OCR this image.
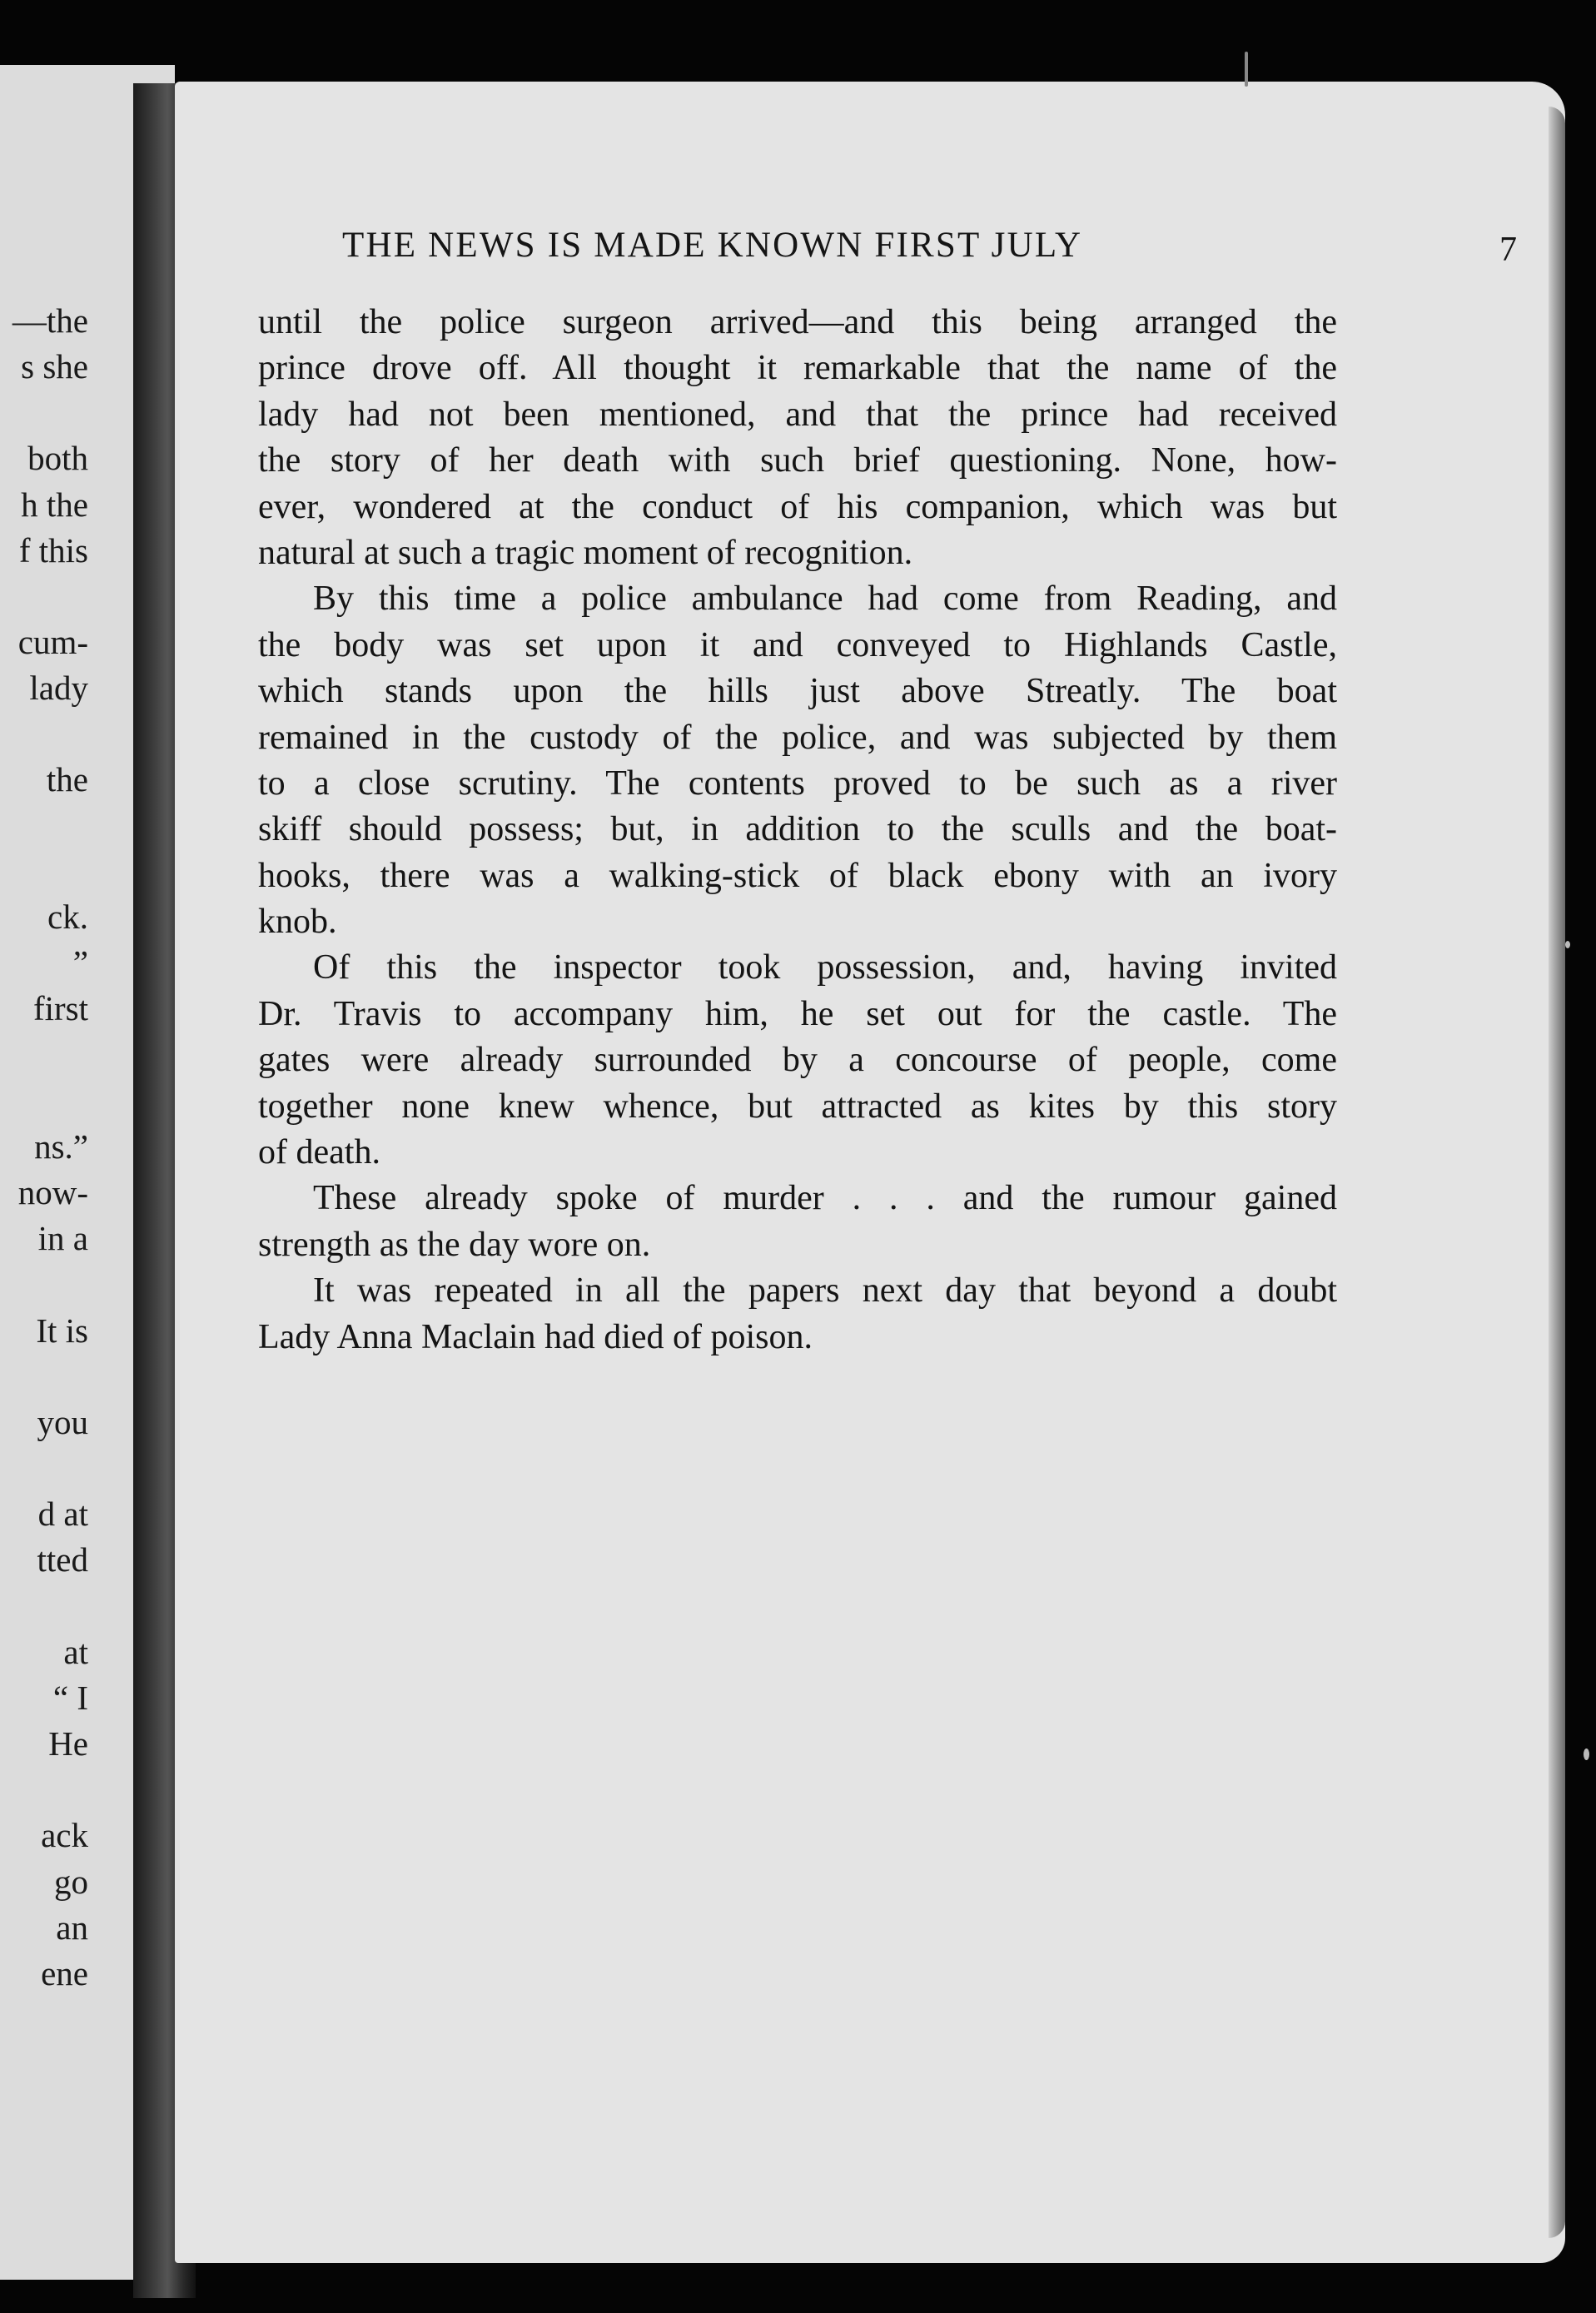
—the
s she
both
h the
f this
cum-
lady
the
ck.
”
first
ns.”
now-
in a
It is
you
d at
tted
at
“ I
He
ack
go
an
ene
THE NEWS IS MADE KNOWN FIRST JULY	7
until the police surgeon arrived—and this being arranged the
prince drove off. All thought it remarkable that the name of the
lady had not been mentioned, and that the prince had received
the story of her death with such brief questioning. None, how-
ever, wondered at the conduct of his companion, which was but
natural at such a tragic moment of recognition.
By this time a police ambulance had come from Reading, and
the body was set upon it and conveyed to Highlands Castle,
which stands upon the hills just above Streatly. The boat
remained in the custody of the police, and was subjected by them
to a close scrutiny. The contents proved to be such as a river
skiff should possess; but, in addition to the sculls and the boat-
hooks, there was a walking-stick of black ebony with an ivory
knob.
Of this the inspector took possession, and, having invited
Dr. Travis to accompany him, he set out for the castle. The
gates were already surrounded by a concourse of people, come
together none knew whence, but attracted as kites by this story
of death.
These already spoke of murder . . . and the rumour gained
strength as the day wore on.
It was repeated in all the papers next day that beyond a doubt
Lady Anna Maclain had died of poison.
